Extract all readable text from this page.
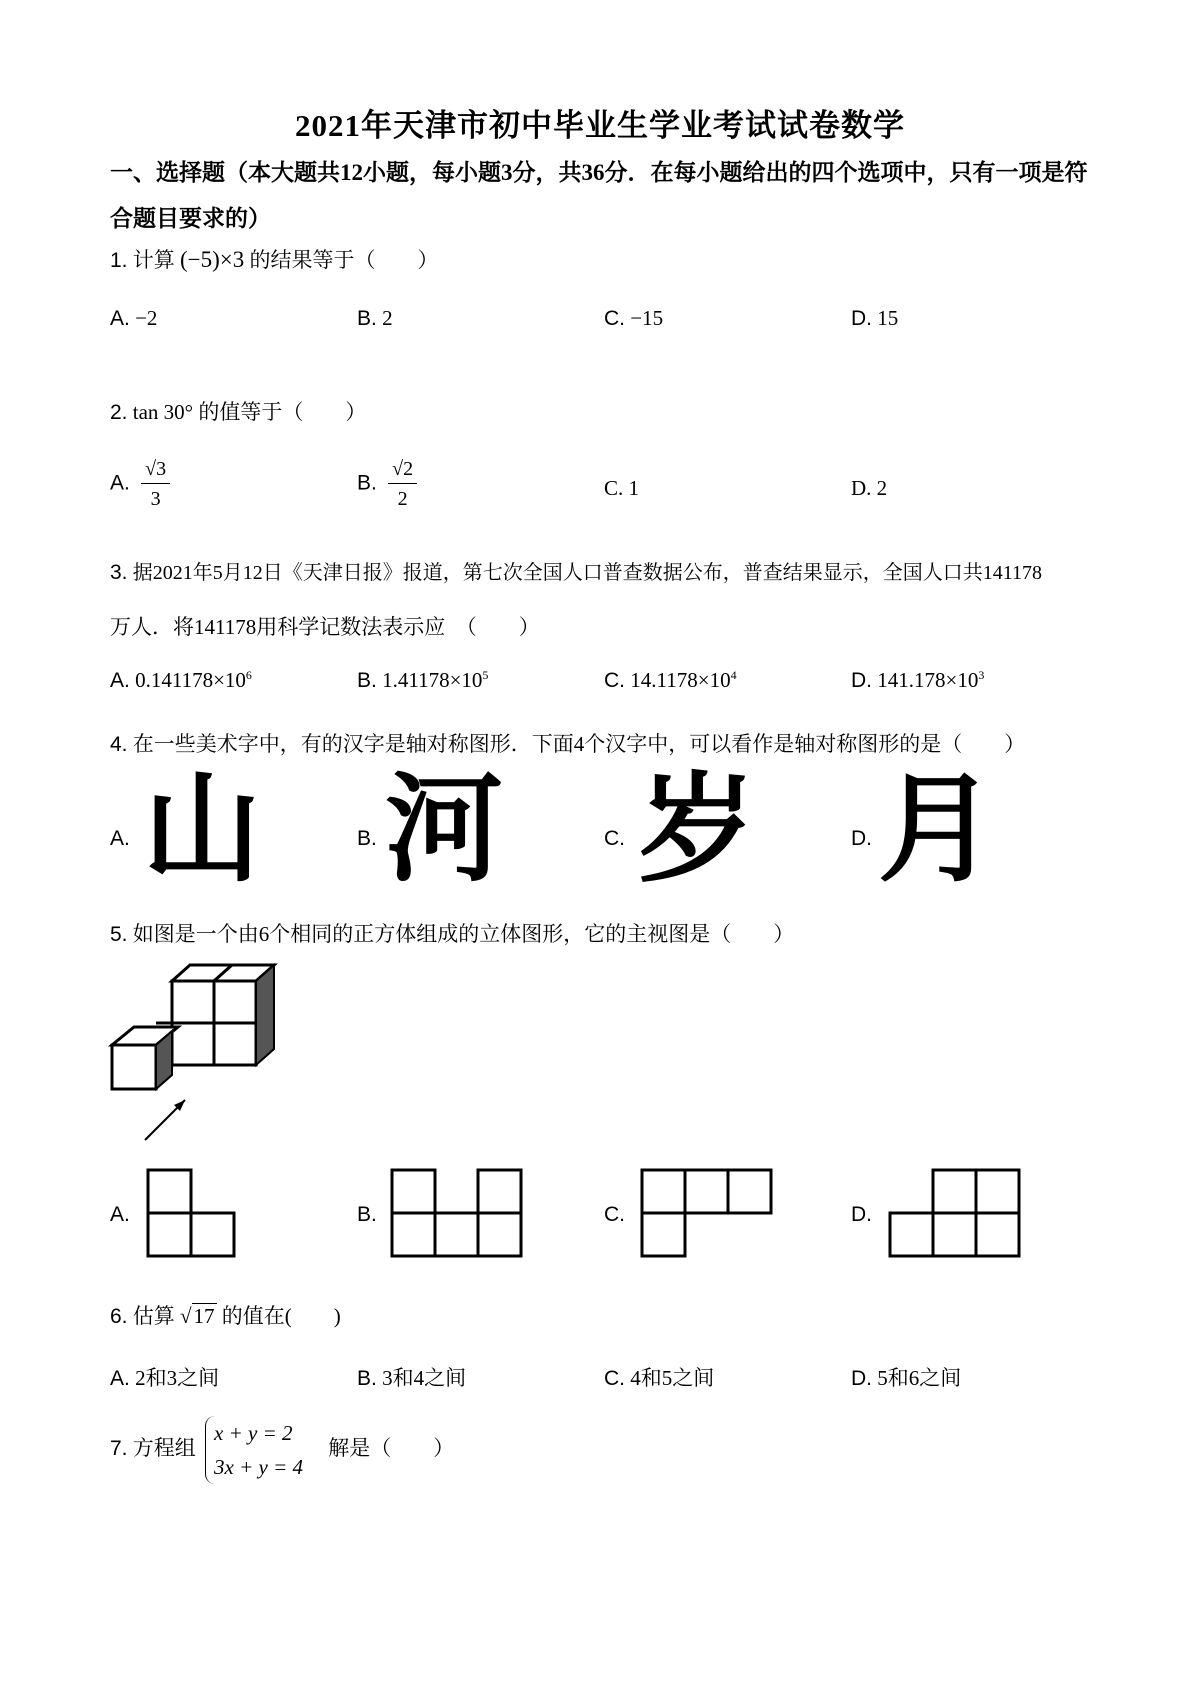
2021年天津市初中毕业生学业考试试卷数学
一、选择题（本大题共12小题，每小题3分，共36分．在每小题给出的四个选项中，只有一项是符合题目要求的）
1. 计算 (−5)×3 的结果等于（　　）
A. −2	B. 2	C. −15	D. 15
2. tan 30° 的值等于（　　）
A. $\frac{√3}{3}$	B. $\frac{√2}{2}$	C. 1	D. 2
3. 据2021年5月12日《天津日报》报道，第七次全国人口普查数据公布，普查结果显示，全国人口共141178
万人．将141178用科学记数法表示应　（　　）
A. $0.141178\times 10^6$	B. $1.41178\times 10^5$	C. $14.1178\times 10^4$	D. $141.178\times 10^3$
4. 在一些美术字中，有的汉字是轴对称图形．下面4个汉字中，可以看作是轴对称图形的是（　　）
A. 山	B. 河	C. 岁	D. 月
5. 如图是一个由6个相同的正方体组成的立体图形，它的主视图是（　　）
A.	B.	C.	D.
6. 估算 √17 的值在(　　)
A. 2和3之间	B. 3和4之间	C. 4和5之间	D. 5和6之间
7. 方程组
x + y = 2
3x + y = 4
解是（　　）
